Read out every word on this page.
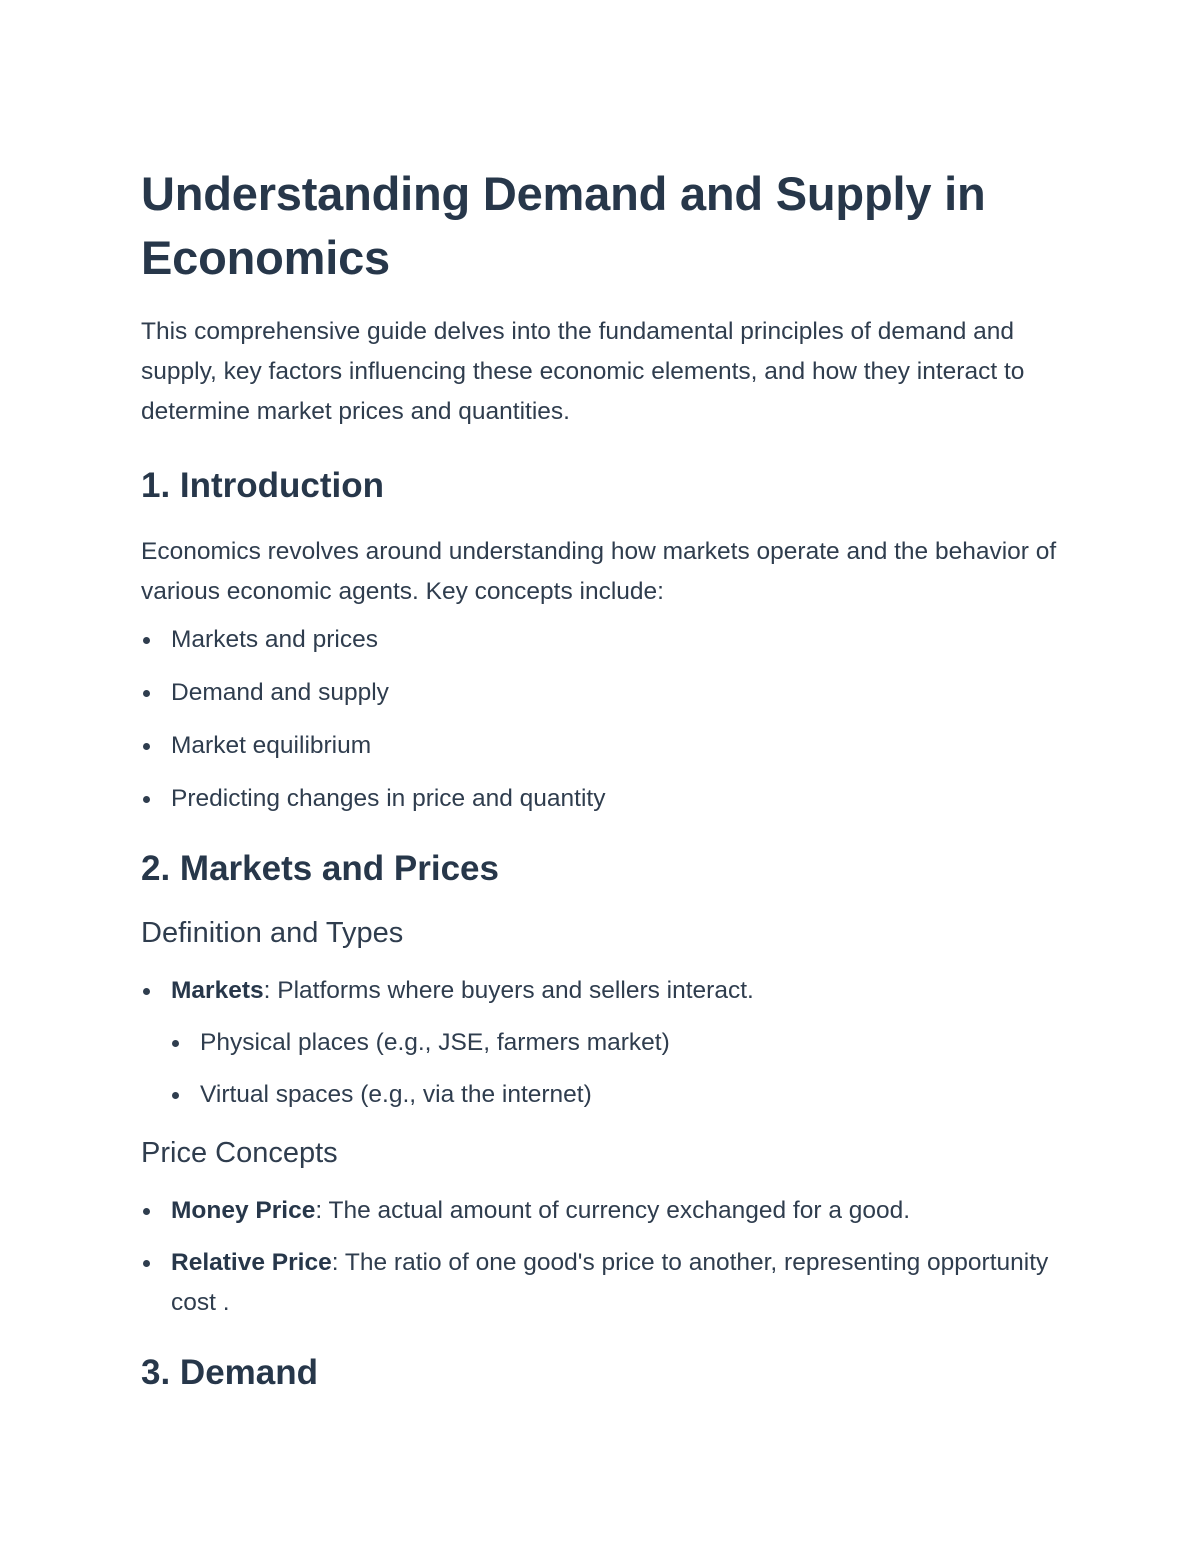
Understanding Demand and Supply in Economics

This comprehensive guide delves into the fundamental principles of demand and supply, key factors influencing these economic elements, and how they interact to determine market prices and quantities.

1. Introduction

Economics revolves around understanding how markets operate and the behavior of various economic agents. Key concepts include:

Markets and prices
Demand and supply
Market equilibrium
Predicting changes in price and quantity
2. Markets and Prices
Definition and Types
Markets: Platforms where buyers and sellers interact.
Physical places (e.g., JSE, farmers market)
Virtual spaces (e.g., via the internet)
Price Concepts
Money Price: The actual amount of currency exchanged for a good.
Relative Price: The ratio of one good's price to another, representing opportunity cost .
3. Demand
